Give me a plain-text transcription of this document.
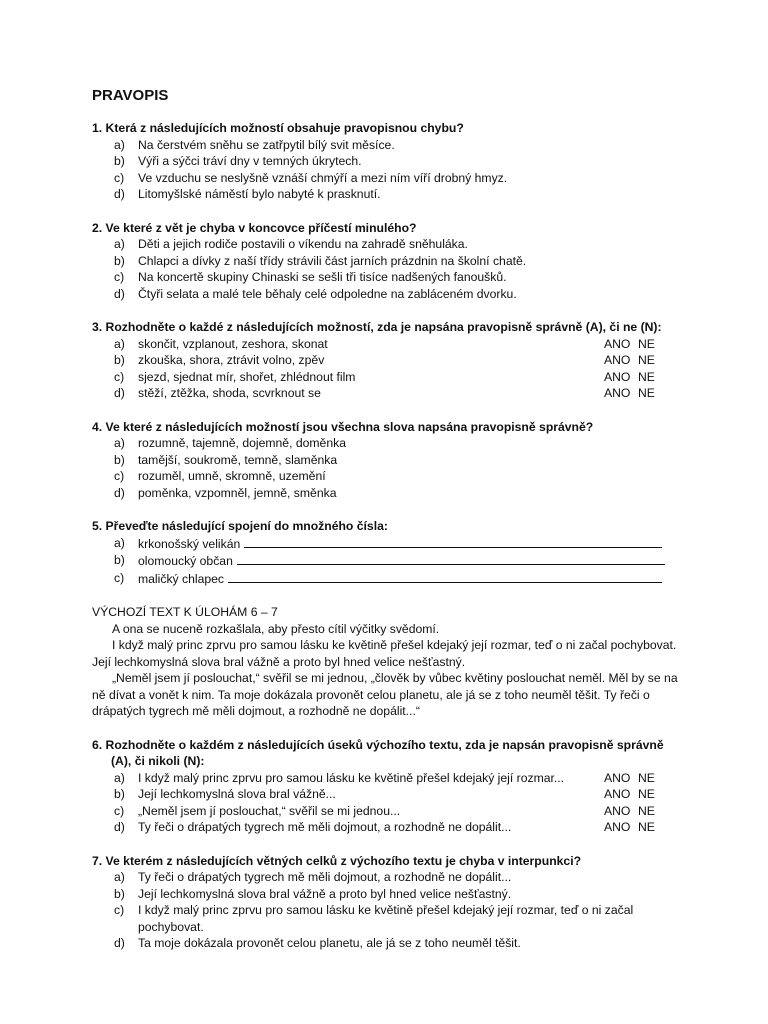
PRAVOPIS
1. Která z následujících možností obsahuje pravopisnou chybu?
a) Na čerstvém sněhu se zatřpytil bílý svit měsíce.
b) Výři a sýčci tráví dny v temných úkrytech.
c) Ve vzduchu se neslyšně vznáší chmýří a mezi ním víří drobný hmyz.
d) Litomyšlské náměstí bylo nabyté k prasknutí.
2. Ve které z vět je chyba v koncovce příčestí minulého?
a) Děti a jejich rodiče postavili o víkendu na zahradě sněhuláka.
b) Chlapci a dívky z naší třídy strávili část jarních prázdnin na školní chatě.
c) Na koncertě skupiny Chinaski se sešli tři tisíce nadšených fanoušků.
d) Čtyři selata a malé tele běhaly celé odpoledne na zabláceném dvorku.
3. Rozhodněte o každé z následujících možností, zda je napsána pravopisně správně (A), či ne (N):
a) skončit, vzplanout, zeshora, skonat	ANO NE
b) zkouška, shora, ztrávit volno, zpěv	ANO NE
c) sjezd, sjednat mír, shořet, zhlédnout film	ANO NE
d) stěží, ztěžka, shoda, scvrknout se	ANO NE
4. Ve které z následujících možností jsou všechna slova napsána pravopisně správně?
a) rozumně, tajemně, dojemně, doměnka
b) tamější, soukromě, temně, slaměnka
c) rozuměl, umně, skromně, uzemění
d) poměnka, vzpomněl, jemně, směnka
5. Převeďte následující spojení do množného čísla:
a) krkonošský velikán
b) olomoucký občan
c) maličký chlapec
VÝCHOZÍ TEXT K ÚLOHÁM 6 – 7
A ona se nuceně rozkašlala, aby přesto cítil výčitky svědomí.
I když malý princ zprvu pro samou lásku ke květině přešel kdejaký její rozmar, teď o ni začal pochybovat. Její lechkomyslná slova bral vážně a proto byl hned velice nešťastný.
„Neměl jsem jí poslouchat,“ svěřil se mi jednou, „člověk by vůbec květiny poslouchat neměl. Měl by se na ně dívat a vonět k nim. Ta moje dokázala provonět celou planetu, ale já se z toho neuměl těšit. Ty řeči o drápatých tygrech mě měli dojmout, a rozhodně ne dopálit...“
6. Rozhodněte o každém z následujících úseků výchozího textu, zda je napsán pravopisně správně (A), či nikoli (N):
a) I když malý princ zprvu pro samou lásku ke květině přešel kdejaký její rozmar...	ANO NE
b) Její lechkomyslná slova bral vážně...	ANO NE
c) „Neměl jsem jí poslouchat,“ svěřil se mi jednou...	ANO NE
d) Ty řeči o drápatých tygrech mě měli dojmout, a rozhodně ne dopálit...	ANO NE
7. Ve kterém z následujících větných celků z výchozího textu je chyba v interpunkci?
a) Ty řeči o drápatých tygrech mě měli dojmout, a rozhodně ne dopálit...
b) Její lechkomyslná slova bral vážně a proto byl hned velice nešťastný.
c) I když malý princ zprvu pro samou lásku ke květině přešel kdejaký její rozmar, teď o ni začal pochybovat.
d) Ta moje dokázala provonět celou planetu, ale já se z toho neuměl těšit.
